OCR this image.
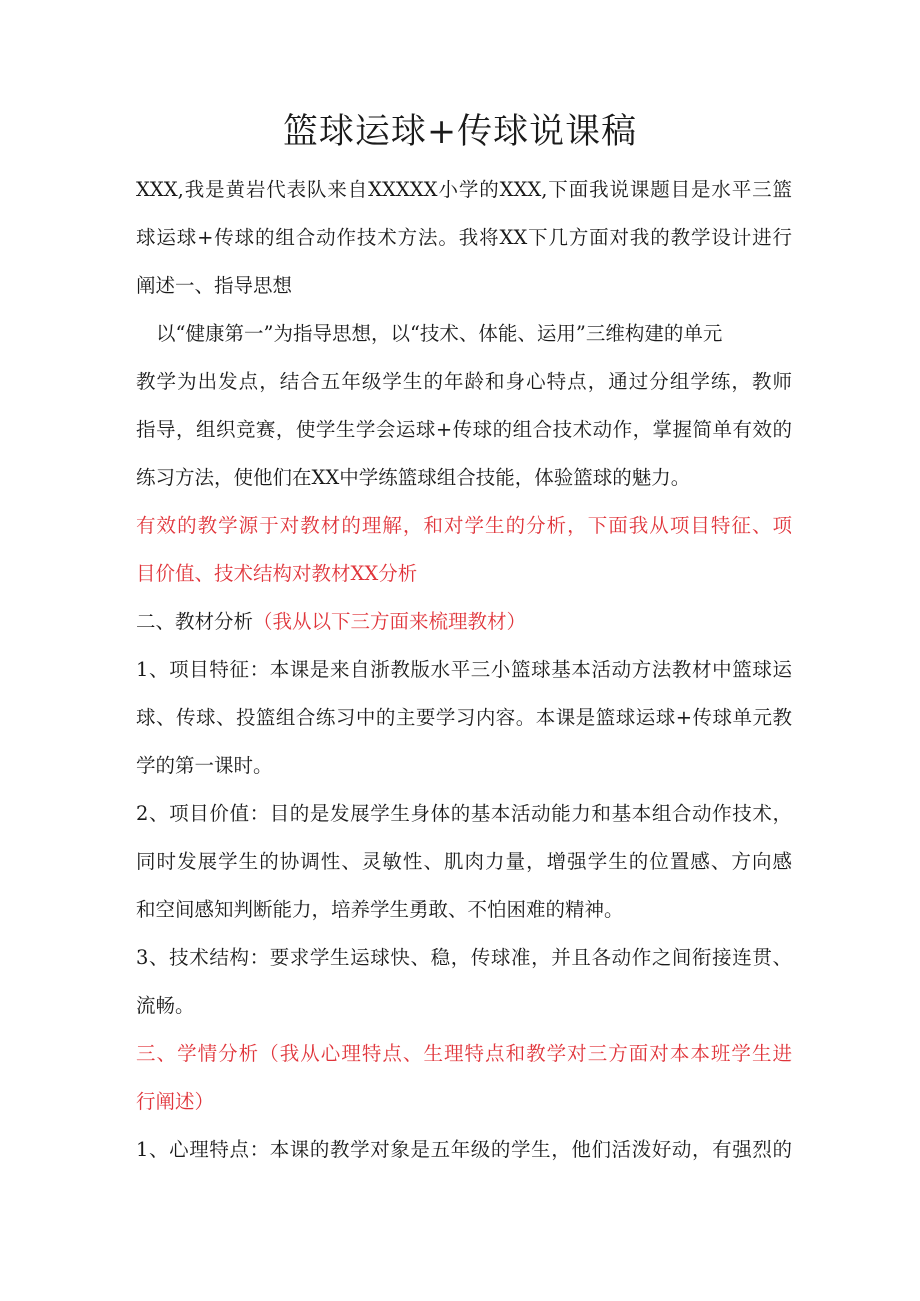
篮球运球+传球说课稿
XXX,我是黄岩代表队来自XXXXX小学的XXX,下面我说课题目是水平三篮
球运球+传球的组合动作技术方法。我将XX下几方面对我的教学设计进行
阐述一、指导思想
以“健康第一”为指导思想，以“技术、体能、运用”三维构建的单元
教学为出发点，结合五年级学生的年龄和身心特点，通过分组学练，教师
指导，组织竞赛，使学生学会运球+传球的组合技术动作，掌握简单有效的
练习方法，使他们在XX中学练篮球组合技能，体验篮球的魅力。
有效的教学源于对教材的理解，和对学生的分析，下面我从项目特征、项
目价值、技术结构对教材XX分析
二、教材分析（我从以下三方面来梳理教材）
1、项目特征：本课是来自浙教版水平三小篮球基本活动方法教材中篮球运
球、传球、投篮组合练习中的主要学习内容。本课是篮球运球+传球单元教
学的第一课时。
2、项目价值：目的是发展学生身体的基本活动能力和基本组合动作技术，
同时发展学生的协调性、灵敏性、肌肉力量，增强学生的位置感、方向感
和空间感知判断能力，培养学生勇敢、不怕困难的精神。
3、技术结构：要求学生运球快、稳，传球准，并且各动作之间衔接连贯、
流畅。
三、学情分析（我从心理特点、生理特点和教学对三方面对本本班学生进
行阐述）
1、心理特点：本课的教学对象是五年级的学生，他们活泼好动，有强烈的
